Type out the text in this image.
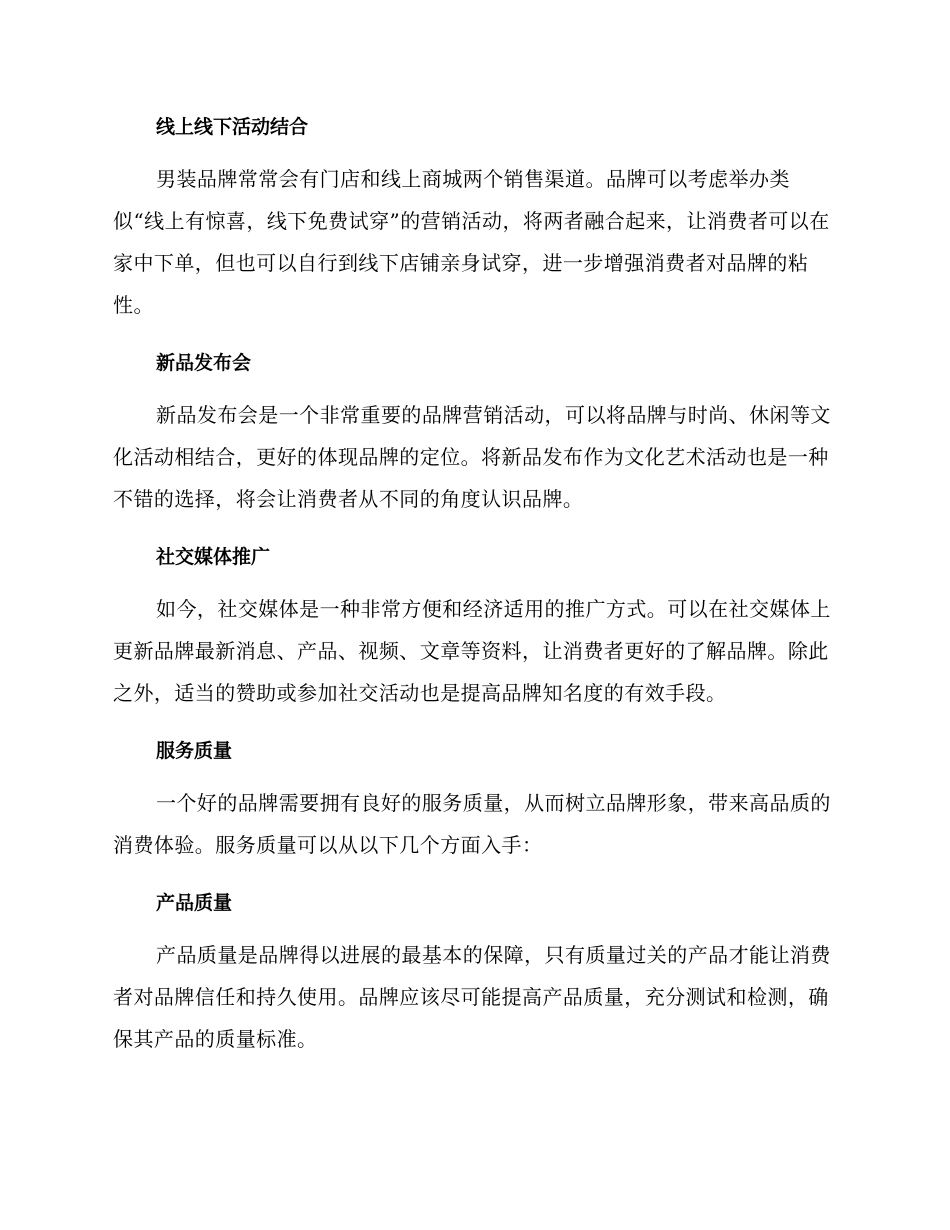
线上线下活动结合

男装品牌常常会有门店和线上商城两个销售渠道。品牌可以考虑举办类似“线上有惊喜，线下免费试穿”的营销活动，将两者融合起来，让消费者可以在家中下单，但也可以自行到线下店铺亲身试穿，进一步增强消费者对品牌的粘性。

新品发布会

新品发布会是一个非常重要的品牌营销活动，可以将品牌与时尚、休闲等文化活动相结合，更好的体现品牌的定位。将新品发布作为文化艺术活动也是一种不错的选择，将会让消费者从不同的角度认识品牌。

社交媒体推广

如今，社交媒体是一种非常方便和经济适用的推广方式。可以在社交媒体上更新品牌最新消息、产品、视频、文章等资料，让消费者更好的了解品牌。除此之外，适当的赞助或参加社交活动也是提高品牌知名度的有效手段。

服务质量

一个好的品牌需要拥有良好的服务质量，从而树立品牌形象，带来高品质的消费体验。服务质量可以从以下几个方面入手：

产品质量

产品质量是品牌得以进展的最基本的保障，只有质量过关的产品才能让消费者对品牌信任和持久使用。品牌应该尽可能提高产品质量，充分测试和检测，确保其产品的质量标准。
